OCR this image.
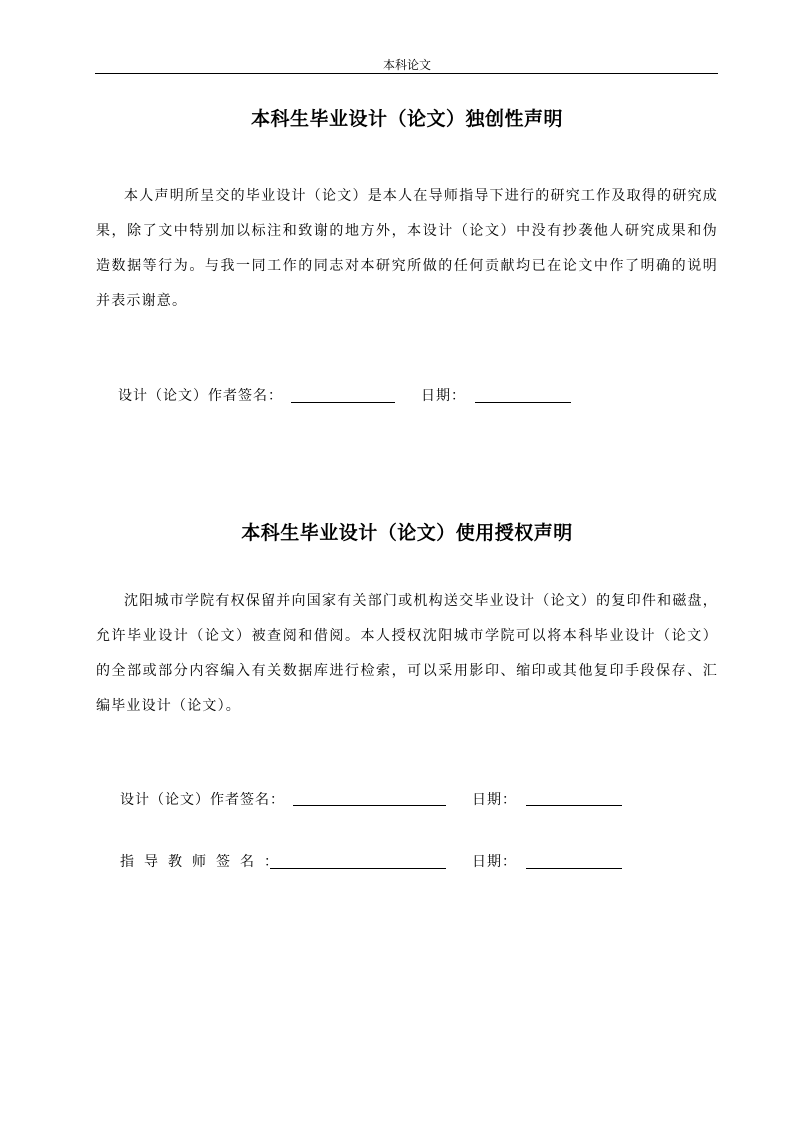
本科论文
本科生毕业设计（论文）独创性声明

本人声明所呈交的毕业设计（论文）是本人在导师指导下进行的研究工作及取得的研究成果，除了文中特别加以标注和致谢的地方外，本设计（论文）中没有抄袭他人研究成果和伪造数据等行为。与我一同工作的同志对本研究所做的任何贡献均已在论文中作了明确的说明并表示谢意。

设计（论文）作者签名：	日期：
本科生毕业设计（论文）使用授权声明

沈阳城市学院有权保留并向国家有关部门或机构送交毕业设计（论文）的复印件和磁盘，允许毕业设计（论文）被查阅和借阅。本人授权沈阳城市学院可以将本科毕业设计（论文）的全部或部分内容编入有关数据库进行检索，可以采用影印、缩印或其他复印手段保存、汇编毕业设计（论文）。

设计（论文）作者签名：	日期：
指导教师签名：	日期：
